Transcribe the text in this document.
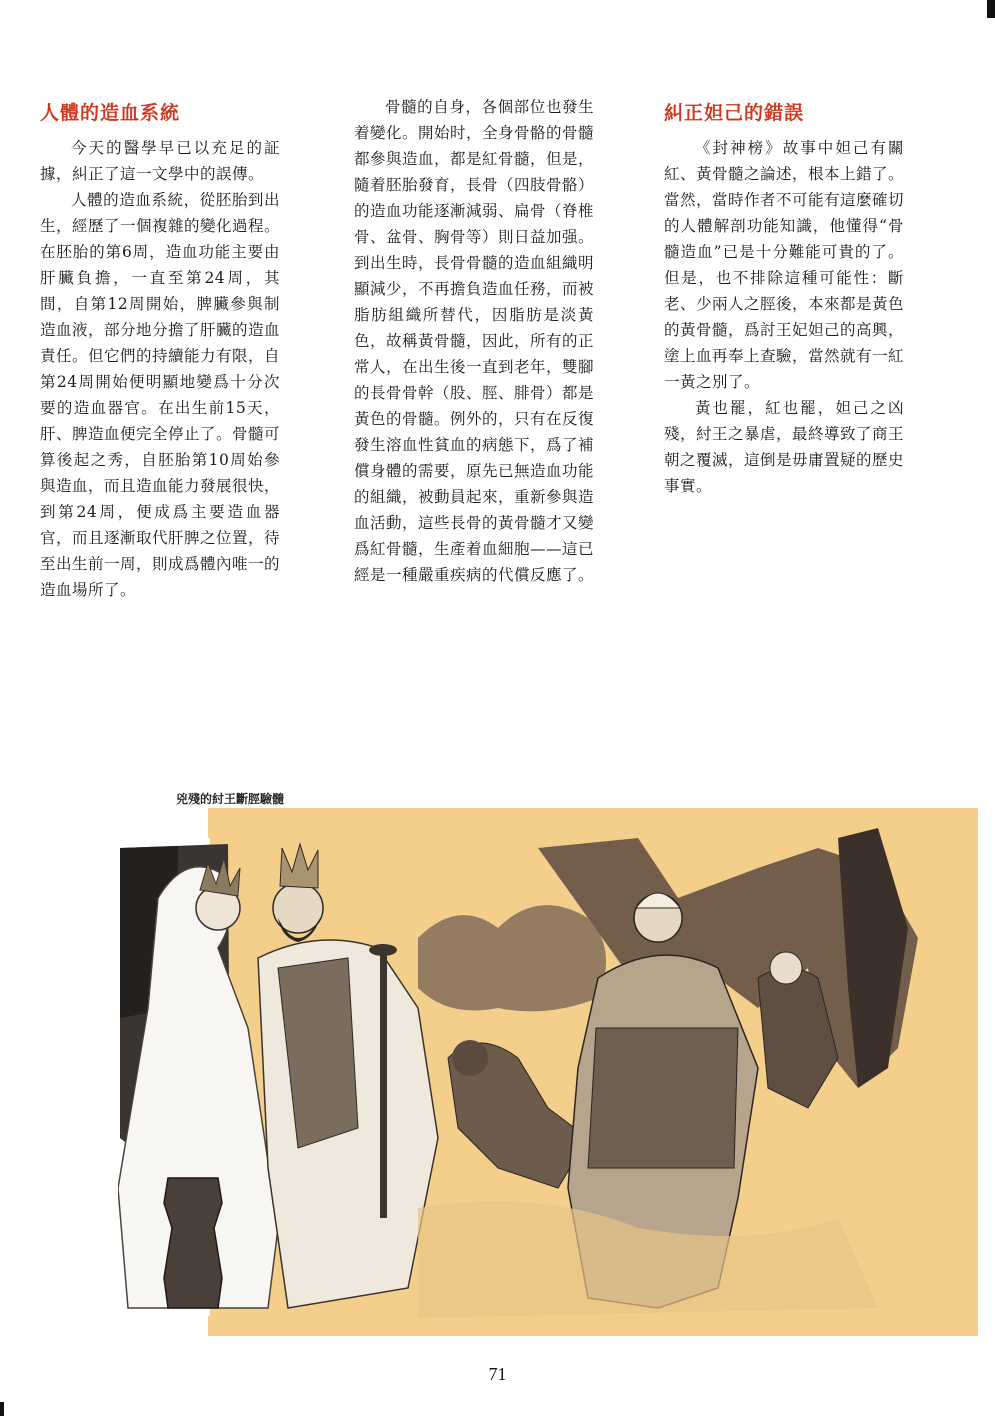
人體的造血系統

今天的醫學早已以充足的証據，糾正了這一文學中的誤傳。

人體的造血系統，從胚胎到出生，經歷了一個複雜的變化過程。在胚胎的第6周，造血功能主要由肝臟負擔，一直至第24周，其間，自第12周開始，脾臟參與制造血液，部分地分擔了肝臟的造血責任。但它們的持續能力有限，自第24周開始便明顯地變爲十分次要的造血器官。在出生前15天，肝、脾造血便完全停止了。骨髓可算後起之秀，自胚胎第10周始參與造血，而且造血能力發展很快，到第24周，便成爲主要造血器官，而且逐漸取代肝脾之位置，待至出生前一周，則成爲體內唯一的造血場所了。

骨髓的自身，各個部位也發生着變化。開始时，全身骨骼的骨髓都參與造血，都是紅骨髓，但是，隨着胚胎發育，長骨（四肢骨骼）的造血功能逐漸減弱、扁骨（脊椎骨、盆骨、胸骨等）則日益加强。到出生時，長骨骨髓的造血組織明顯減少，不再擔負造血任務，而被脂肪組織所替代，因脂肪是淡黃色，故稱黃骨髓，因此，所有的正常人，在出生後一直到老年，雙腳的長骨骨幹（股、脛、腓骨）都是黃色的骨髓。例外的，只有在反復發生溶血性貧血的病態下，爲了補償身體的需要，原先已無造血功能的組織，被動員起來，重新參與造血活動，這些長骨的黃骨髓才又變爲紅骨髓，生產着血細胞——這已經是一種嚴重疾病的代償反應了。

糾正妲己的錯誤

《封神榜》故事中妲己有關紅、黃骨髓之論述，根本上錯了。當然，當時作者不可能有這麼確切的人體解剖功能知識，他懂得“骨髓造血”已是十分難能可貴的了。但是，也不排除這種可能性：斷老、少兩人之脛後，本來都是黃色的黃骨髓，爲討王妃妲己的高興，塗上血再奉上查驗，當然就有一紅一黃之別了。

黃也罷，紅也罷，妲己之凶殘，紂王之暴虐，最終導致了商王朝之覆滅，這倒是毋庸置疑的歷史事實。

兇殘的紂王斷脛驗髓
71
